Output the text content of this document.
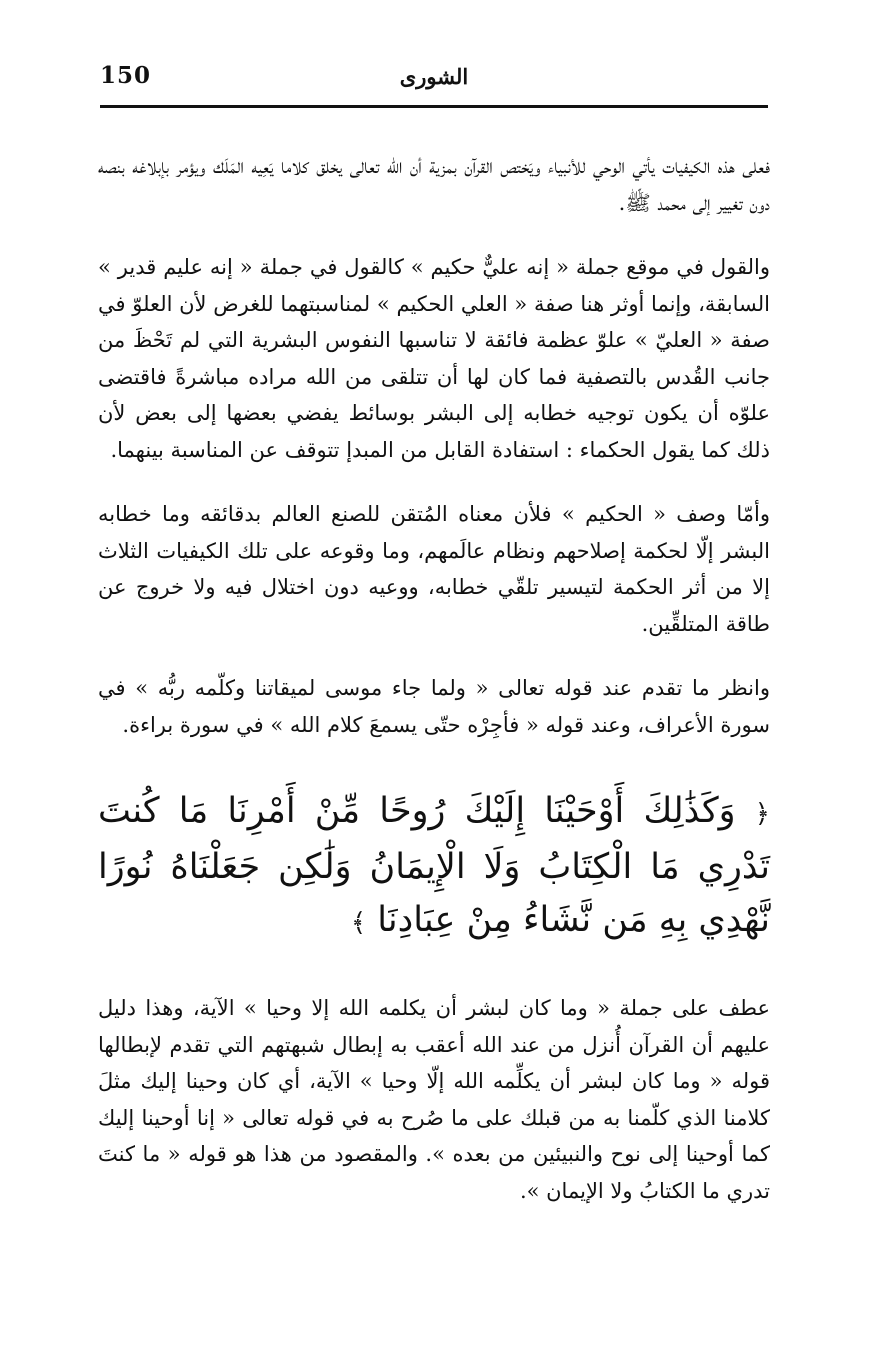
150	الشورى

فعلى هذه الكيفيات يأتي الوحي للأنبياء ويَختص القرآن بمزية أن الله تعالى يخلق كلاما يَعِيه المَلَك ويؤمر بإبلاغه بنصه دون تغيير إلى محمد ﷺ.

والقول في موقع جملة « إنه عليٌّ حكيم » كالقول في جملة « إنه عليم قدير » السابقة، وإنما أوثر هنا صفة « العلي الحكيم » لمناسبتهما للغرض لأن العلوّ في صفة « العليّ » علوّ عظمة فائقة لا تناسبها النفوس البشرية التي لم تَحْظَ من جانب القُدس بالتصفية فما كان لها أن تتلقى من الله مراده مباشرةً فاقتضى علوّه أن يكون توجيه خطابه إلى البشر بوسائط يفضي بعضها إلى بعض لأن ذلك كما يقول الحكماء : استفادة القابل من المبدإ تتوقف عن المناسبة بينهما.

وأمّا وصف « الحكيم » فلأن معناه المُتقن للصنع العالم بدقائقه وما خطابه البشر إلّا لحكمة إصلاحهم ونظام عالَمهم، وما وقوعه على تلك الكيفيات الثلاث إلا من أثر الحكمة لتيسير تلقّي خطابه، ووعيه دون اختلال فيه ولا خروج عن طاقة المتلقِّين.

وانظر ما تقدم عند قوله تعالى « ولما جاء موسى لميقاتنا وكلّمه ربُّه » في سورة الأعراف، وعند قوله « فأجِرْه حتّى يسمعَ كلام الله » في سورة براءة.

﴿ وَكَذَٰلِكَ أَوْحَيْنَا إِلَيْكَ رُوحًا مِّنْ أَمْرِنَا مَا كُنتَ تَدْرِي مَا الْكِتَابُ وَلَا الْإِيمَانُ وَلَٰكِن جَعَلْنَاهُ نُورًا نَّهْدِي بِهِ مَن نَّشَاءُ مِنْ عِبَادِنَا ﴾

عطف على جملة « وما كان لبشر أن يكلمه الله إلا وحيا » الآية، وهذا دليل عليهم أن القرآن أُنزل من عند الله أعقب به إبطال شبهتهم التي تقدم لإبطالها قوله « وما كان لبشر أن يكلِّمه الله إلّا وحيا » الآية، أي كان وحينا إليك مثلَ كلامنا الذي كلّمنا به من قبلك على ما صُرح به في قوله تعالى « إنا أوحينا إليك كما أوحينا إلى نوح والنبيئين من بعده ». والمقصود من هذا هو قوله « ما كنتَ تدري ما الكتابُ ولا الإيمان ».
